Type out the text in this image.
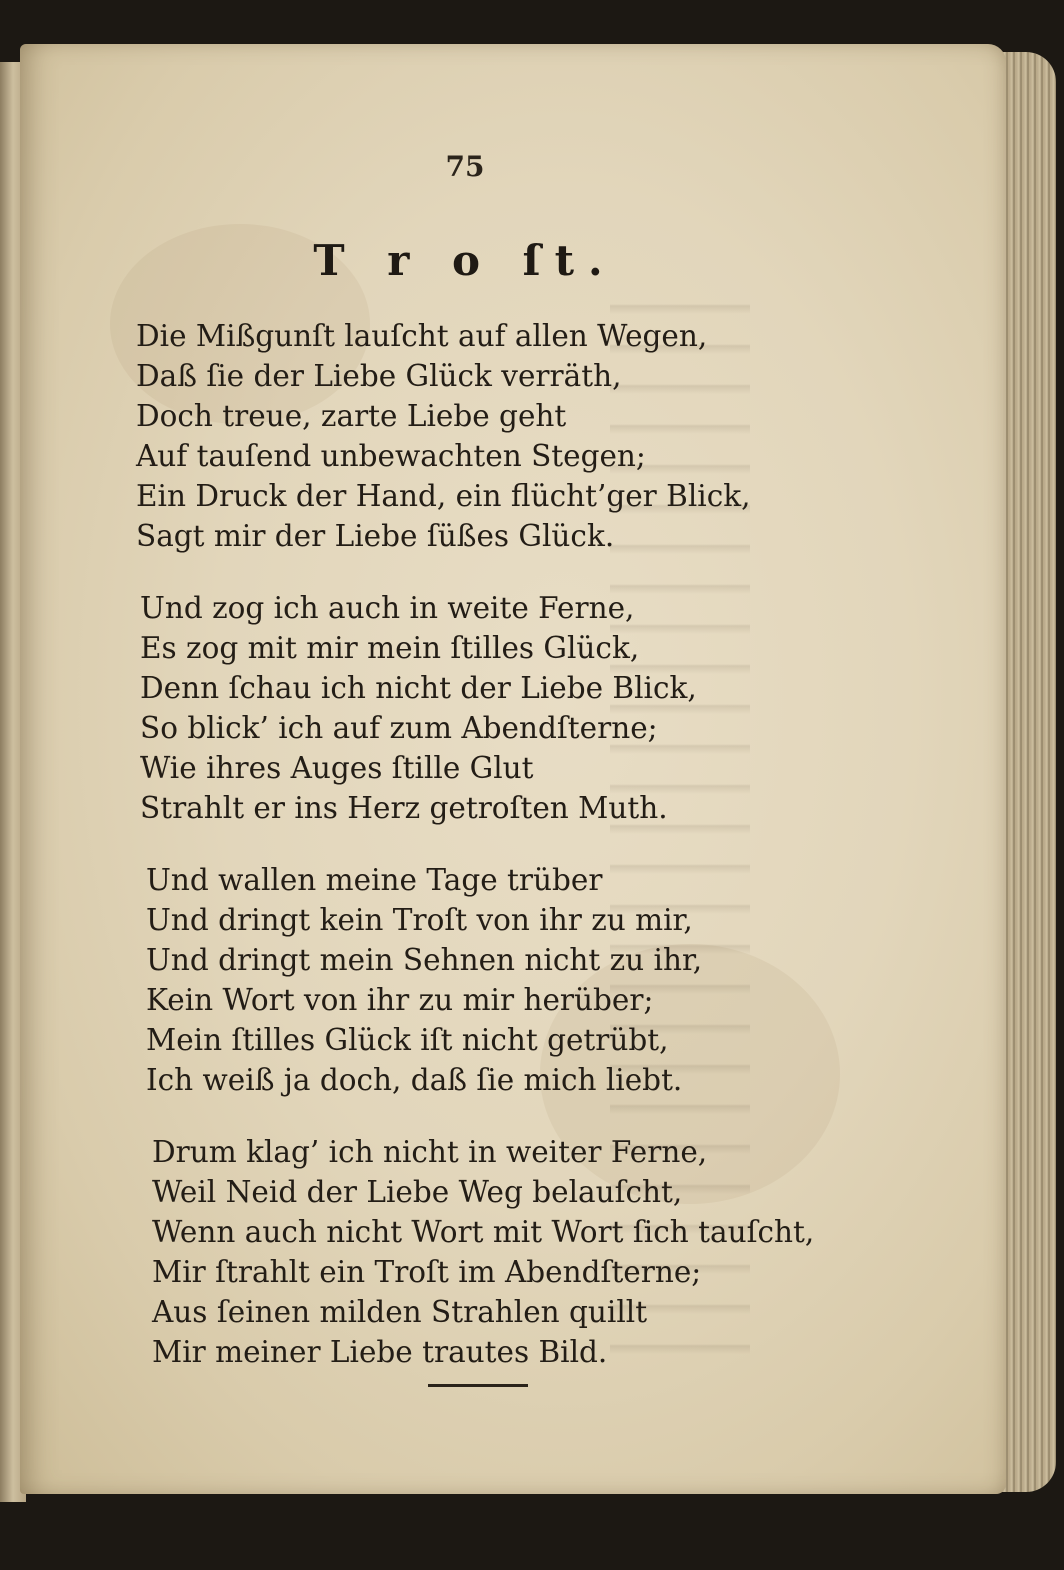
75
T r o ſt.
Die Mißgunſt lauſcht auf allen Wegen,
Daß ſie der Liebe Glück verräth,
Doch treue, zarte Liebe geht
Auf tauſend unbewachten Stegen;
Ein Druck der Hand, ein flücht’ger Blick,
Sagt mir der Liebe ſüßes Glück.
Und zog ich auch in weite Ferne,
Es zog mit mir mein ſtilles Glück,
Denn ſchau ich nicht der Liebe Blick,
So blick’ ich auf zum Abendſterne;
Wie ihres Auges ſtille Glut
Strahlt er ins Herz getroſten Muth.
Und wallen meine Tage trüber
Und dringt kein Troſt von ihr zu mir,
Und dringt mein Sehnen nicht zu ihr,
Kein Wort von ihr zu mir herüber;
Mein ſtilles Glück iſt nicht getrübt,
Ich weiß ja doch, daß ſie mich liebt.
Drum klag’ ich nicht in weiter Ferne,
Weil Neid der Liebe Weg belauſcht,
Wenn auch nicht Wort mit Wort ſich tauſcht,
Mir ſtrahlt ein Troſt im Abendſterne;
Aus ſeinen milden Strahlen quillt
Mir meiner Liebe trautes Bild.
